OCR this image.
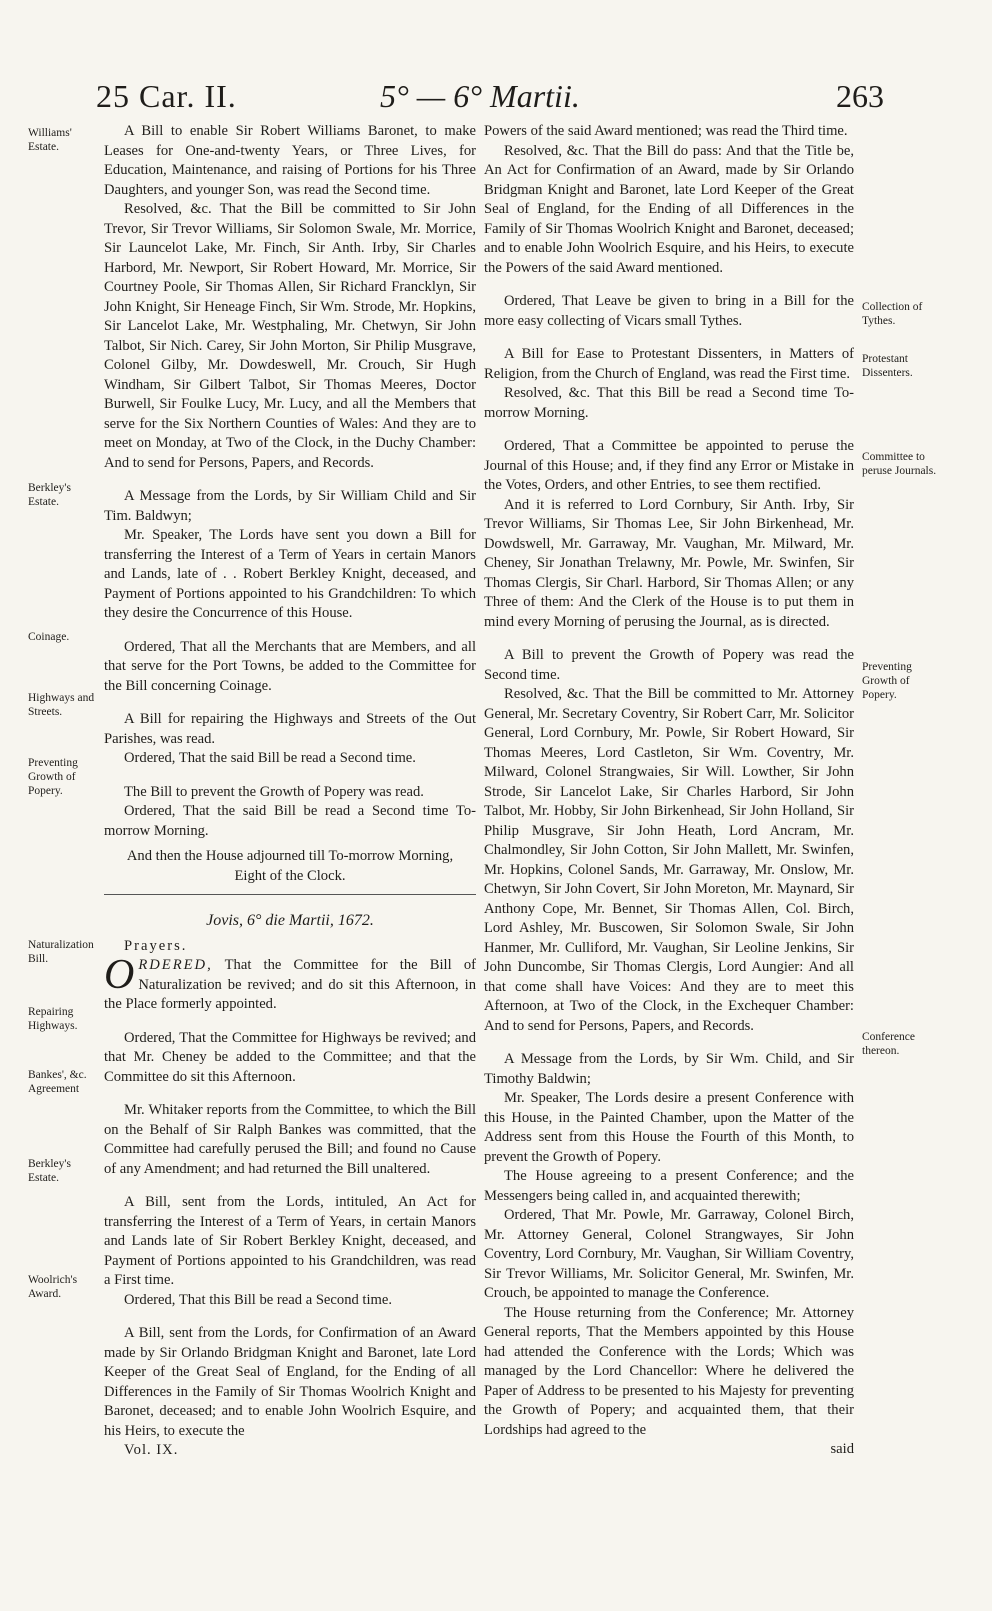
25 Car. II.	5° — 6° Martii.	263
Williams' Estate.
Berkley's Estate.
Coinage.
Highways and Streets.
Preventing Growth of Popery.
Naturalization Bill.
Repairing Highways.
Bankes', &c. Agreement
Berkley's Estate.
Woolrich's Award.
Collection of Tythes.
Protestant Dissenters.
Committee to peruse Journals.
Preventing Growth of Popery.
Conference thereon.

A Bill to enable Sir Robert Williams Baronet, to make Leases for One-and-twenty Years, or Three Lives, for Education, Maintenance, and raising of Portions for his Three Daughters, and younger Son, was read the Second time.

Resolved, &c. That the Bill be committed to Sir John Trevor, Sir Trevor Williams, Sir Solomon Swale, Mr. Morrice, Sir Launcelot Lake, Mr. Finch, Sir Anth. Irby, Sir Charles Harbord, Mr. Newport, Sir Robert Howard, Mr. Morrice, Sir Courtney Poole, Sir Thomas Allen, Sir Richard Francklyn, Sir John Knight, Sir Heneage Finch, Sir Wm. Strode, Mr. Hopkins, Sir Lancelot Lake, Mr. Westphaling, Mr. Chetwyn, Sir John Talbot, Sir Nich. Carey, Sir John Morton, Sir Philip Musgrave, Colonel Gilby, Mr. Dowdeswell, Mr. Crouch, Sir Hugh Windham, Sir Gilbert Talbot, Sir Thomas Meeres, Doctor Burwell, Sir Foulke Lucy, Mr. Lucy, and all the Members that serve for the Six Northern Counties of Wales: And they are to meet on Monday, at Two of the Clock, in the Duchy Chamber: And to send for Persons, Papers, and Records.

A Message from the Lords, by Sir William Child and Sir Tim. Baldwyn;

Mr. Speaker, The Lords have sent you down a Bill for transferring the Interest of a Term of Years in certain Manors and Lands, late of . . Robert Berkley Knight, deceased, and Payment of Portions appointed to his Grandchildren: To which they desire the Concurrence of this House.

Ordered, That all the Merchants that are Members, and all that serve for the Port Towns, be added to the Committee for the Bill concerning Coinage.

A Bill for repairing the Highways and Streets of the Out Parishes, was read.

Ordered, That the said Bill be read a Second time.

The Bill to prevent the Growth of Popery was read.

Ordered, That the said Bill be read a Second time To-morrow Morning.

And then the House adjourned till To-morrow Morning, Eight of the Clock.

Jovis, 6° die Martii, 1672.

Prayers.

ORDERED, That the Committee for the Bill of Naturalization be revived; and do sit this Afternoon, in the Place formerly appointed.

Ordered, That the Committee for Highways be revived; and that Mr. Cheney be added to the Committee; and that the Committee do sit this Afternoon.

Mr. Whitaker reports from the Committee, to which the Bill on the Behalf of Sir Ralph Bankes was committed, that the Committee had carefully perused the Bill; and found no Cause of any Amendment; and had returned the Bill unaltered.

A Bill, sent from the Lords, intituled, An Act for transferring the Interest of a Term of Years, in certain Manors and Lands late of Sir Robert Berkley Knight, deceased, and Payment of Portions appointed to his Grandchildren, was read a First time.

Ordered, That this Bill be read a Second time.

A Bill, sent from the Lords, for Confirmation of an Award made by Sir Orlando Bridgman Knight and Baronet, late Lord Keeper of the Great Seal of England, for the Ending of all Differences in the Family of Sir Thomas Woolrich Knight and Baronet, deceased; and to enable John Woolrich Esquire, and his Heirs, to execute the

Vol. IX.

Powers of the said Award mentioned; was read the Third time.

Resolved, &c. That the Bill do pass: And that the Title be, An Act for Confirmation of an Award, made by Sir Orlando Bridgman Knight and Baronet, late Lord Keeper of the Great Seal of England, for the Ending of all Differences in the Family of Sir Thomas Woolrich Knight and Baronet, deceased; and to enable John Woolrich Esquire, and his Heirs, to execute the Powers of the said Award mentioned.

Ordered, That Leave be given to bring in a Bill for the more easy collecting of Vicars small Tythes.

A Bill for Ease to Protestant Dissenters, in Matters of Religion, from the Church of England, was read the First time.

Resolved, &c. That this Bill be read a Second time To-morrow Morning.

Ordered, That a Committee be appointed to peruse the Journal of this House; and, if they find any Error or Mistake in the Votes, Orders, and other Entries, to see them rectified.

And it is referred to Lord Cornbury, Sir Anth. Irby, Sir Trevor Williams, Sir Thomas Lee, Sir John Birkenhead, Mr. Dowdswell, Mr. Garraway, Mr. Vaughan, Mr. Milward, Mr. Cheney, Sir Jonathan Trelawny, Mr. Powle, Mr. Swinfen, Sir Thomas Clergis, Sir Charl. Harbord, Sir Thomas Allen; or any Three of them: And the Clerk of the House is to put them in mind every Morning of perusing the Journal, as is directed.

A Bill to prevent the Growth of Popery was read the Second time.

Resolved, &c. That the Bill be committed to Mr. Attorney General, Mr. Secretary Coventry, Sir Robert Carr, Mr. Solicitor General, Lord Cornbury, Mr. Powle, Sir Robert Howard, Sir Thomas Meeres, Lord Castleton, Sir Wm. Coventry, Mr. Milward, Colonel Strangwaies, Sir Will. Lowther, Sir John Strode, Sir Lancelot Lake, Sir Charles Harbord, Sir John Talbot, Mr. Hobby, Sir John Birkenhead, Sir John Holland, Sir Philip Musgrave, Sir John Heath, Lord Ancram, Mr. Chalmondley, Sir John Cotton, Sir John Mallett, Mr. Swinfen, Mr. Hopkins, Colonel Sands, Mr. Garraway, Mr. Onslow, Mr. Chetwyn, Sir John Covert, Sir John Moreton, Mr. Maynard, Sir Anthony Cope, Mr. Bennet, Sir Thomas Allen, Col. Birch, Lord Ashley, Mr. Buscowen, Sir Solomon Swale, Sir John Hanmer, Mr. Culliford, Mr. Vaughan, Sir Leoline Jenkins, Sir John Duncombe, Sir Thomas Clergis, Lord Aungier: And all that come shall have Voices: And they are to meet this Afternoon, at Two of the Clock, in the Exchequer Chamber: And to send for Persons, Papers, and Records.

A Message from the Lords, by Sir Wm. Child, and Sir Timothy Baldwin;

Mr. Speaker, The Lords desire a present Conference with this House, in the Painted Chamber, upon the Matter of the Address sent from this House the Fourth of this Month, to prevent the Growth of Popery.

The House agreeing to a present Conference; and the Messengers being called in, and acquainted therewith;

Ordered, That Mr. Powle, Mr. Garraway, Colonel Birch, Mr. Attorney General, Colonel Strangwayes, Sir John Coventry, Lord Cornbury, Mr. Vaughan, Sir William Coventry, Sir Trevor Williams, Mr. Solicitor General, Mr. Swinfen, Mr. Crouch, be appointed to manage the Conference.

The House returning from the Conference; Mr. Attorney General reports, That the Members appointed by this House had attended the Conference with the Lords; Which was managed by the Lord Chancellor: Where he delivered the Paper of Address to be presented to his Majesty for preventing the Growth of Popery; and acquainted them, that their Lordships had agreed to the

said
